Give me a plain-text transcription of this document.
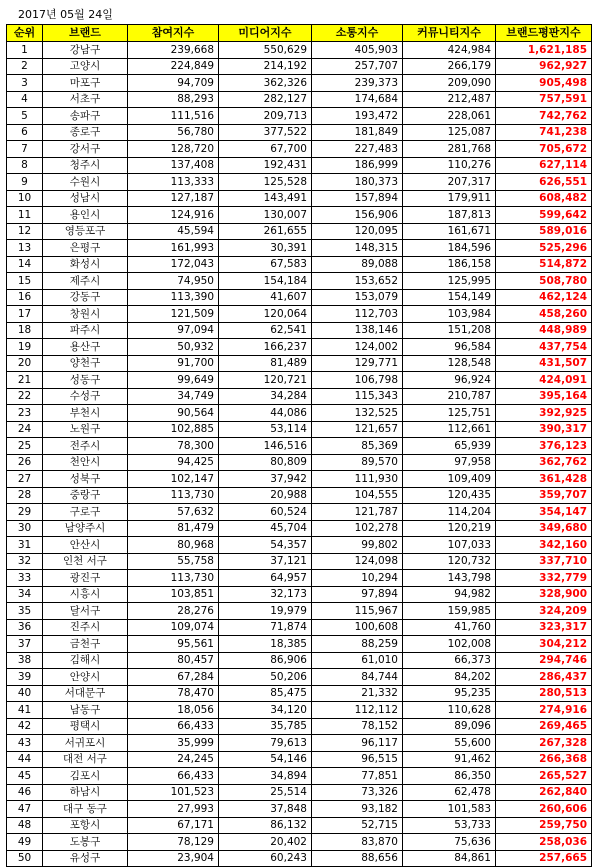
2017년 05월 24일
순위	브랜드	참여지수	미디어지수	소통지수	커뮤니티지수	브랜드평판지수
1	강남구	239,668	550,629	405,903	424,984	1,621,185
2	고양시	224,849	214,192	257,707	266,179	962,927
3	마포구	94,709	362,326	239,373	209,090	905,498
4	서초구	88,293	282,127	174,684	212,487	757,591
5	송파구	111,516	209,713	193,472	228,061	742,762
6	종로구	56,780	377,522	181,849	125,087	741,238
7	강서구	128,720	67,700	227,483	281,768	705,672
8	청주시	137,408	192,431	186,999	110,276	627,114
9	수원시	113,333	125,528	180,373	207,317	626,551
10	성남시	127,187	143,491	157,894	179,911	608,482
11	용인시	124,916	130,007	156,906	187,813	599,642
12	영등포구	45,594	261,655	120,095	161,671	589,016
13	은평구	161,993	30,391	148,315	184,596	525,296
14	화성시	172,043	67,583	89,088	186,158	514,872
15	제주시	74,950	154,184	153,652	125,995	508,780
16	강동구	113,390	41,607	153,079	154,149	462,124
17	창원시	121,509	120,064	112,703	103,984	458,260
18	파주시	97,094	62,541	138,146	151,208	448,989
19	용산구	50,932	166,237	124,002	96,584	437,754
20	양천구	91,700	81,489	129,771	128,548	431,507
21	성동구	99,649	120,721	106,798	96,924	424,091
22	수성구	34,749	34,284	115,343	210,787	395,164
23	부천시	90,564	44,086	132,525	125,751	392,925
24	노원구	102,885	53,114	121,657	112,661	390,317
25	전주시	78,300	146,516	85,369	65,939	376,123
26	천안시	94,425	80,809	89,570	97,958	362,762
27	성북구	102,147	37,942	111,930	109,409	361,428
28	중랑구	113,730	20,988	104,555	120,435	359,707
29	구로구	57,632	60,524	121,787	114,204	354,147
30	남양주시	81,479	45,704	102,278	120,219	349,680
31	안산시	80,968	54,357	99,802	107,033	342,160
32	인천 서구	55,758	37,121	124,098	120,732	337,710
33	광진구	113,730	64,957	10,294	143,798	332,779
34	시흥시	103,851	32,173	97,894	94,982	328,900
35	달서구	28,276	19,979	115,967	159,985	324,209
36	진주시	109,074	71,874	100,608	41,760	323,317
37	금천구	95,561	18,385	88,259	102,008	304,212
38	김해시	80,457	86,906	61,010	66,373	294,746
39	안양시	67,284	50,206	84,744	84,202	286,437
40	서대문구	78,470	85,475	21,332	95,235	280,513
41	남동구	18,056	34,120	112,112	110,628	274,916
42	평택시	66,433	35,785	78,152	89,096	269,465
43	서귀포시	35,999	79,613	96,117	55,600	267,328
44	대전 서구	24,245	54,146	96,515	91,462	266,368
45	김포시	66,433	34,894	77,851	86,350	265,527
46	하남시	101,523	25,514	73,326	62,478	262,840
47	대구 동구	27,993	37,848	93,182	101,583	260,606
48	포항시	67,171	86,132	52,715	53,733	259,750
49	도봉구	78,129	20,402	83,870	75,636	258,036
50	유성구	23,904	60,243	88,656	84,861	257,665
